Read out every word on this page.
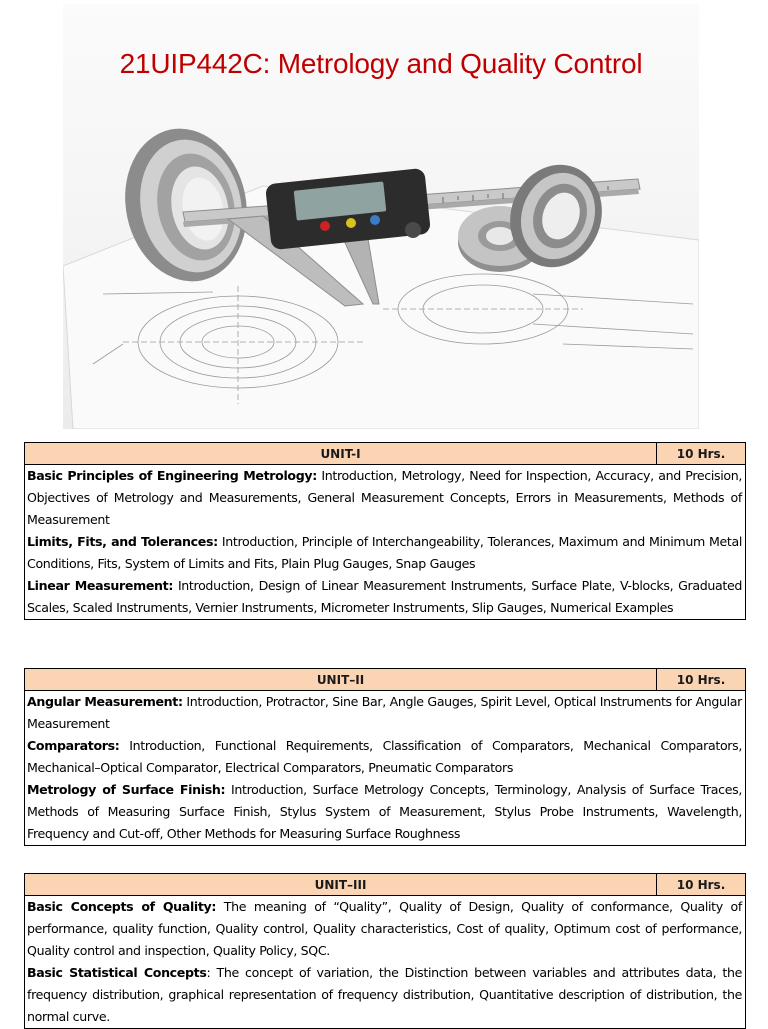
21UIP442C: Metrology and Quality Control
UNIT-I	10 Hrs.

Basic Principles of Engineering Metrology: Introduction, Metrology, Need for Inspection, Accuracy, and Precision, Objectives of Metrology and Measurements, General Measurement Concepts, Errors in Measurements, Methods of Measurement

Limits, Fits, and Tolerances: Introduction, Principle of Interchangeability, Tolerances, Maximum and Minimum Metal Conditions, Fits, System of Limits and Fits, Plain Plug Gauges, Snap Gauges

Linear Measurement: Introduction, Design of Linear Measurement Instruments, Surface Plate, V-blocks, Graduated Scales, Scaled Instruments, Vernier Instruments, Micrometer Instruments, Slip Gauges, Numerical Examples

UNIT–II	10 Hrs.

Angular Measurement: Introduction, Protractor, Sine Bar, Angle Gauges, Spirit Level, Optical Instruments for Angular Measurement

Comparators: Introduction, Functional Requirements, Classification of Comparators, Mechanical Comparators, Mechanical–Optical Comparator, Electrical Comparators, Pneumatic Comparators

Metrology of Surface Finish: Introduction, Surface Metrology Concepts, Terminology, Analysis of Surface Traces, Methods of Measuring Surface Finish, Stylus System of Measurement, Stylus Probe Instruments, Wavelength, Frequency and Cut-off, Other Methods for Measuring Surface Roughness

UNIT–III	10 Hrs.

Basic Concepts of Quality: The meaning of “Quality”, Quality of Design, Quality of conformance, Quality of performance, quality function, Quality control, Quality characteristics, Cost of quality, Optimum cost of performance, Quality control and inspection, Quality Policy, SQC.

Basic Statistical Concepts: The concept of variation, the Distinction between variables and attributes data, the frequency distribution, graphical representation of frequency distribution, Quantitative description of distribution, the normal curve.
